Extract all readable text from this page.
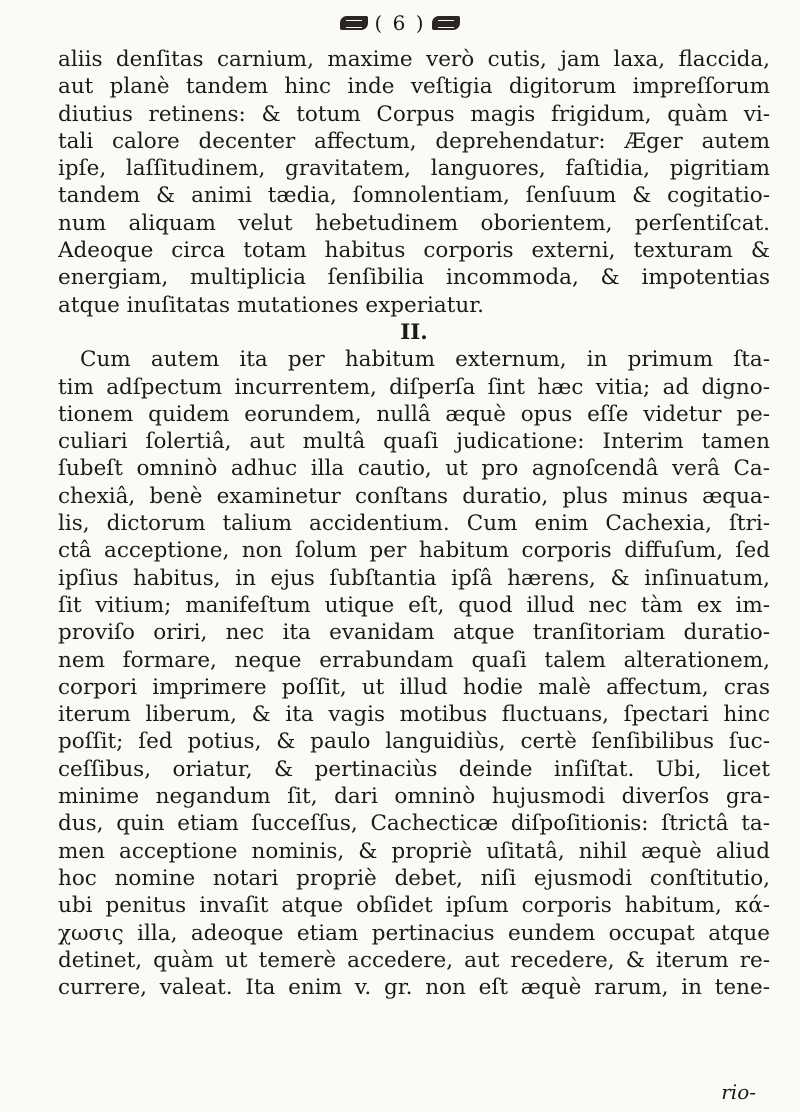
( 6 )
aliis denſitas carnium, maxime verò cutis, jam laxa, flaccida,
aut planè tandem hinc inde veſtigia digitorum impreſſorum
diutius retinens: & totum Corpus magis frigidum, quàm vi-
tali calore decenter affectum, deprehendatur: Æger autem
ipſe, laſſitudinem, gravitatem, languores, faſtidia, pigritiam
tandem & animi tædia, ſomnolentiam, ſenſuum & cogitatio-
num aliquam velut hebetudinem oborientem, perſentiſcat.
Adeoque circa totam habitus corporis externi, texturam &
energiam, multiplicia ſenſibilia incommoda, & impotentias
atque inuſitatas mutationes experiatur.
II.
Cum autem ita per habitum externum, in primum ſta-
tim adſpectum incurrentem, diſperſa ſint hæc vitia; ad digno-
tionem quidem eorundem, nullâ æquè opus eſſe videtur pe-
culiari ſolertiâ, aut multâ quaſi judicatione: Interim tamen
ſubeſt omninò adhuc illa cautio, ut pro agnoſcendâ verâ Ca-
chexiâ, benè examinetur conſtans duratio, plus minus æqua-
lis, dictorum talium accidentium. Cum enim Cachexia, ſtri-
ctâ acceptione, non ſolum per habitum corporis diffuſum, ſed
ipſius habitus, in ejus ſubſtantia ipſâ hærens, & inſinuatum,
ſit vitium; manifeſtum utique eſt, quod illud nec tàm ex im-
proviſo oriri, nec ita evanidam atque tranſitoriam duratio-
nem formare, neque errabundam quaſi talem alterationem,
corpori imprimere poſſit, ut illud hodie malè affectum, cras
iterum liberum, & ita vagis motibus fluctuans, ſpectari hinc
poſſit; ſed potius, & paulo languidiùs, certè ſenſibilibus ſuc-
ceſſibus, oriatur, & pertinaciùs deinde inſiſtat. Ubi, licet
minime negandum ſit, dari omninò hujusmodi diverſos gra-
dus, quin etiam ſucceſſus, Cachecticæ diſpoſitionis: ſtrictâ ta-
men acceptione nominis, & propriè uſitatâ, nihil æquè aliud
hoc nomine notari propriè debet, niſi ejusmodi conſtitutio,
ubi penitus invaſit atque obſidet ipſum corporis habitum, κά-
χωσις illa, adeoque etiam pertinacius eundem occupat atque
detinet, quàm ut temerè accedere, aut recedere, & iterum re-
currere, valeat. Ita enim v. gr. non eſt æquè rarum, in tene-
rio-
